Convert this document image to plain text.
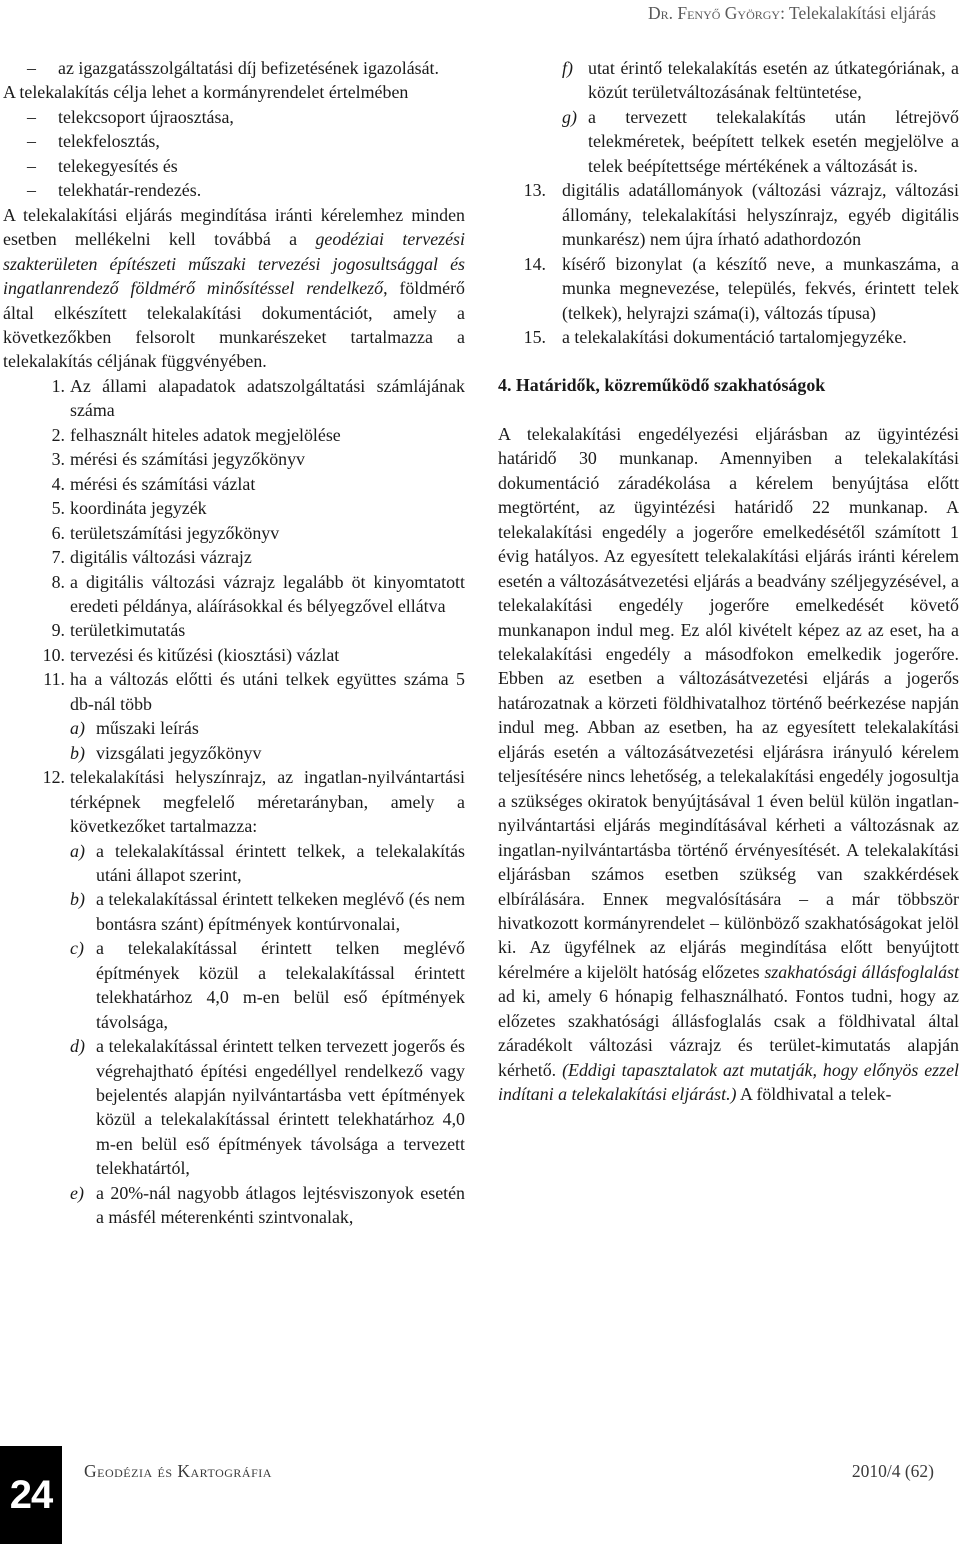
Dr. Fenyő György: Telekalakítási eljárás

– az igazgatásszolgáltatási díj befizetésének igazolását.

A telekalakítás célja lehet a kormányrendelet értelmében

– telekcsoport újraosztása,

– telekfelosztás,

– telekegyesítés és

– telekhatár-rendezés.

A telekalakítási eljárás megindítása iránti kérelemhez minden esetben mellékelni kell továbbá a geodéziai tervezési szakterületen építészeti műszaki tervezési jogosultsággal és ingatlanrendező földmérő minősítéssel rendelkező, földmérő által elkészített telekalakítási dokumentációt, amely a következőkben felsorolt munkarészeket tartalmazza a telekalakítás céljának függvényében.

1. Az állami alapadatok adatszolgáltatási számlájának száma

2. felhasznált hiteles adatok megjelölése

3. mérési és számítási jegyzőkönyv

4. mérési és számítási vázlat

5. koordináta jegyzék

6. területszámítási jegyzőkönyv

7. digitális változási vázrajz

8. a digitális változási vázrajz legalább öt kinyomtatott eredeti példánya, aláírásokkal és bélyegzővel ellátva

9. területkimutatás

10. tervezési és kitűzési (kiosztási) vázlat

11. ha a változás előtti és utáni telkek együttes száma 5 db-nál több

a) műszaki leírás

b) vizsgálati jegyzőkönyv

12. telekalakítási helyszínrajz, az ingatlan-nyilvántartási térképnek megfelelő méretarányban, amely a következőket tartalmazza:

a) a telekalakítással érintett telkek, a telekalakítás utáni állapot szerint,

b) a telekalakítással érintett telkeken meglévő (és nem bontásra szánt) építmények kontúrvonalai,

c) a telekalakítással érintett telken meglévő építmények közül a telekalakítással érintett telekhatárhoz 4,0 m-en belül eső építmények távolsága,

d) a telekalakítással érintett telken tervezett jogerős és végrehajtható építési engedéllyel rendelkező vagy bejelentés alapján nyilvántartásba vett építmények közül a telekalakítással érintett telekhatárhoz 4,0 m-en belül eső építmények távolsága a tervezett telekhatártól,

e) a 20%-nál nagyobb átlagos lejtésviszonyok esetén a másfél méterenkénti szintvonalak,

f) utat érintő telekalakítás esetén az útkategóriának, a közút területváltozásának feltüntetése,

g) a tervezett telekalakítás után létrejövő telekméretek, beépített telkek esetén megjelölve a telek beépítettsége mértékének a változását is.

13. digitális adatállományok (változási vázrajz, változási állomány, telekalakítási helyszínrajz, egyéb digitális munkarész) nem újra írható adathordozón

14. kísérő bizonylat (a készítő neve, a munkaszáma, a munka megnevezése, település, fekvés, érintett telek (telkek), helyrajzi száma(i), változás típusa)

15. a telekalakítási dokumentáció tartalomjegyzéke.

4. Határidők, közreműködő szakhatóságok

A telekalakítási engedélyezési eljárásban az ügyintézési határidő 30 munkanap. Amennyiben a telekalakítási dokumentáció záradékolása a kérelem benyújtása előtt megtörtént, az ügyintézési határidő 22 munkanap. A telekalakítási engedély a jogerőre emelkedésétől számított 1 évig hatályos. Az egyesített telekalakítási eljárás iránti kérelem esetén a változásátvezetési eljárás a beadvány széljegyzésével, a telekalakítási engedély jogerőre emelkedését követő munkanapon indul meg. Ez alól kivételt képez az az eset, ha a telekalakítási engedély a másodfokon emelkedik jogerőre. Ebben az esetben a változásátvezetési eljárás a jogerős határozatnak a körzeti földhivatalhoz történő beérkezése napján indul meg. Abban az esetben, ha az egyesített telekalakítási eljárás esetén a változásátvezetési eljárásra irányuló kérelem teljesítésére nincs lehetőség, a telekalakítási engedély jogosultja a szükséges okiratok benyújtásával 1 éven belül külön ingatlan-nyilvántartási eljárás megindításával kérheti a változásnak az ingatlan-nyilvántartásba történő érvényesítését. A telekalakítási eljárásban számos esetben szükség van szakkérdések elbírálására. Enneк megvalósítására – a már többször hivatkozott kormányrendelet – különböző szakhatóságokat jelöl ki. Az ügyfélnek az eljárás megindítása előtt benyújtott kérelmére a kijelölt hatóság előzetes szakhatósági állásfoglalást ad ki, amely 6 hónapig felhasználható. Fontos tudni, hogy az előzetes szakhatósági állásfoglalás csak a földhivatal által záradékolt változási vázrajz és terület-kimutatás alapján kérhető. (Eddigi tapasztalatok azt mutatják, hogy előnyös ezzel indítani a telekalakítási eljárást.) A földhivatal a telek-

24
Geodézia és Kartográfia	2010/4 (62)
